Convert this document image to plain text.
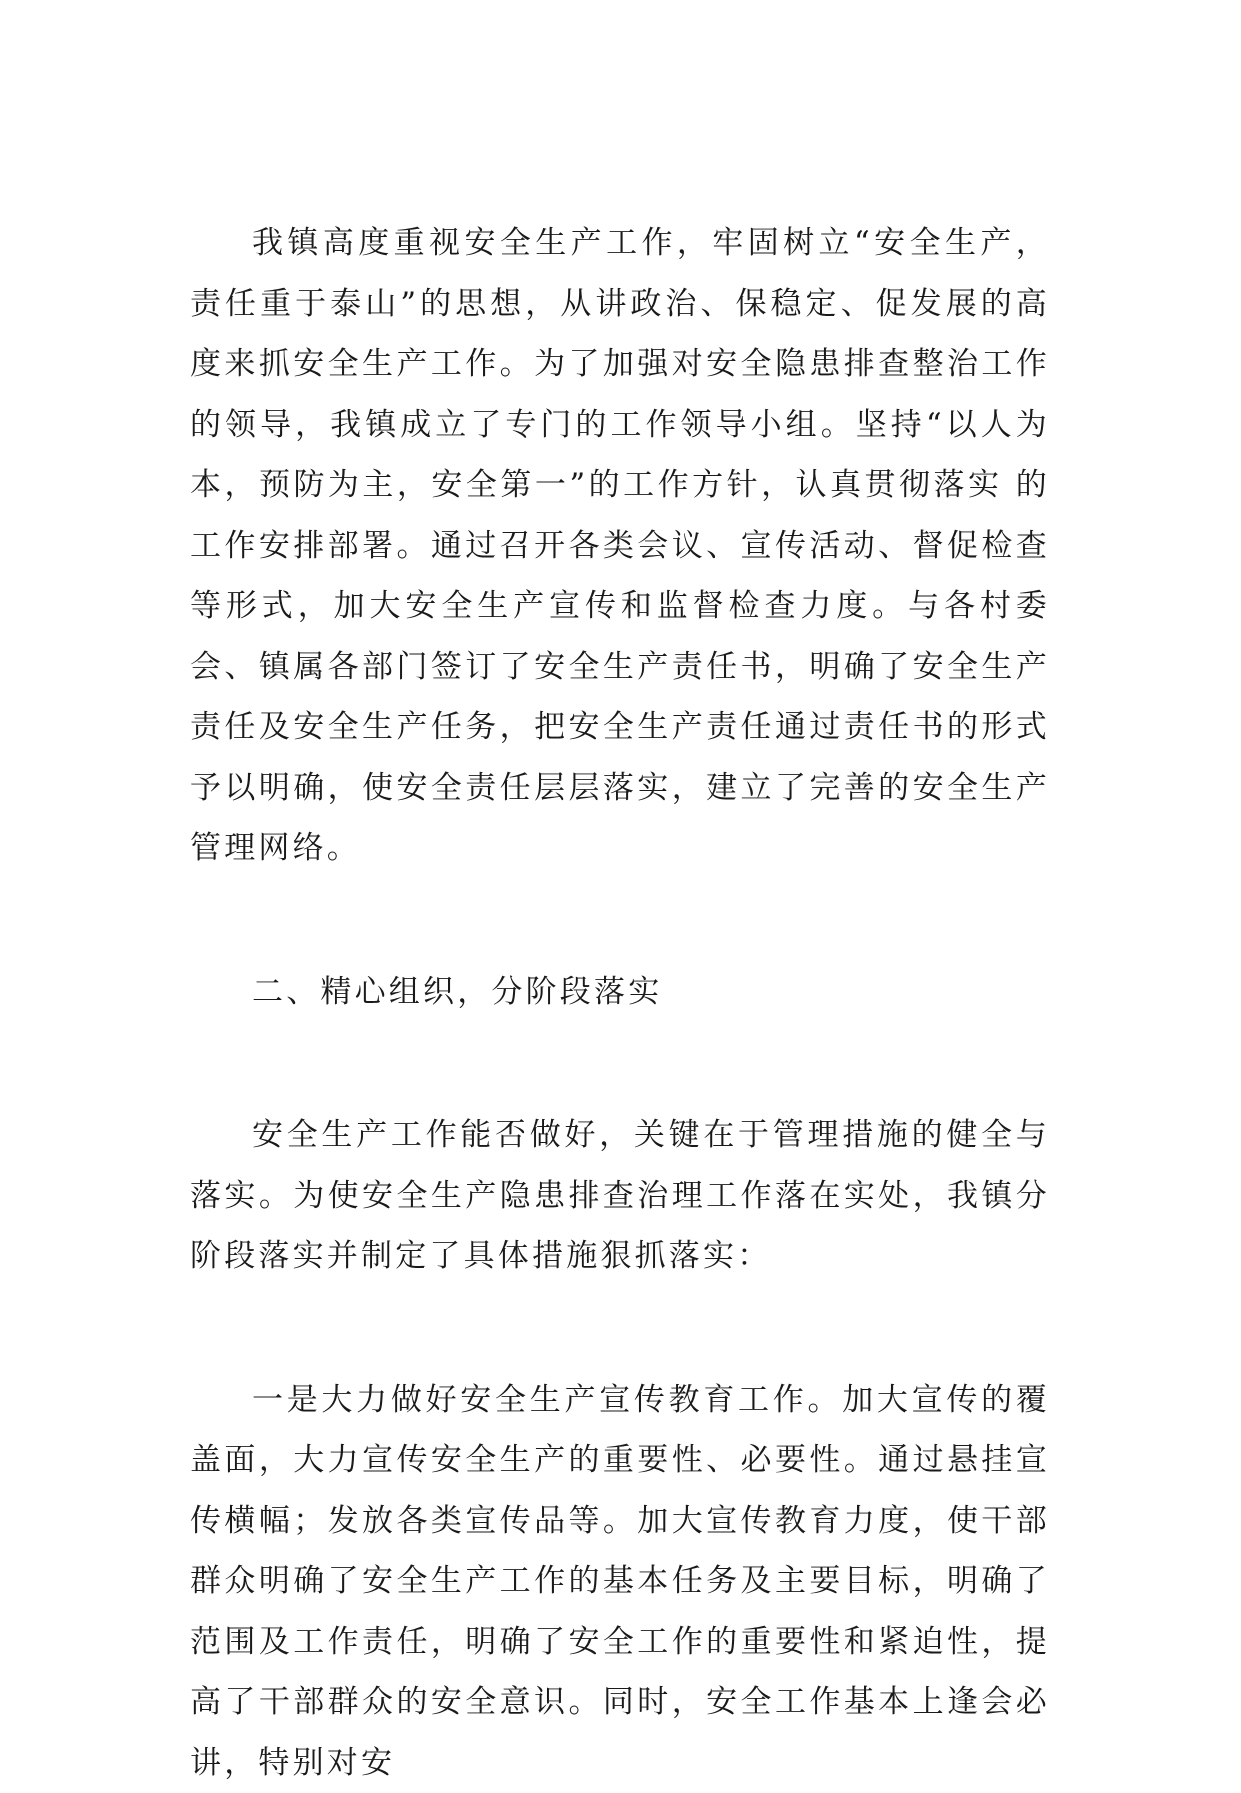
我镇高度重视安全生产工作，牢固树立“安全生产，责任重于泰山”的思想，从讲政治、保稳定、促发展的高度来抓安全生产工作。为了加强对安全隐患排查整治工作的领导，我镇成立了专门的工作领导小组。坚持“以人为本，预防为主，安全第一”的工作方针，认真贯彻落实 的工作安排部署。通过召开各类会议、宣传活动、督促检查等形式，加大安全生产宣传和监督检查力度。与各村委会、镇属各部门签订了安全生产责任书，明确了安全生产责任及安全生产任务，把安全生产责任通过责任书的形式予以明确，使安全责任层层落实，建立了完善的安全生产管理网络。

二、精心组织，分阶段落实

安全生产工作能否做好，关键在于管理措施的健全与落实。为使安全生产隐患排查治理工作落在实处，我镇分阶段落实并制定了具体措施狠抓落实：

一是大力做好安全生产宣传教育工作。加大宣传的覆盖面，大力宣传安全生产的重要性、必要性。通过悬挂宣传横幅；发放各类宣传品等。加大宣传教育力度，使干部群众明确了安全生产工作的基本任务及主要目标，明确了范围及工作责任，明确了安全工作的重要性和紧迫性，提高了干部群众的安全意识。同时，安全工作基本上逢会必讲，特别对安
